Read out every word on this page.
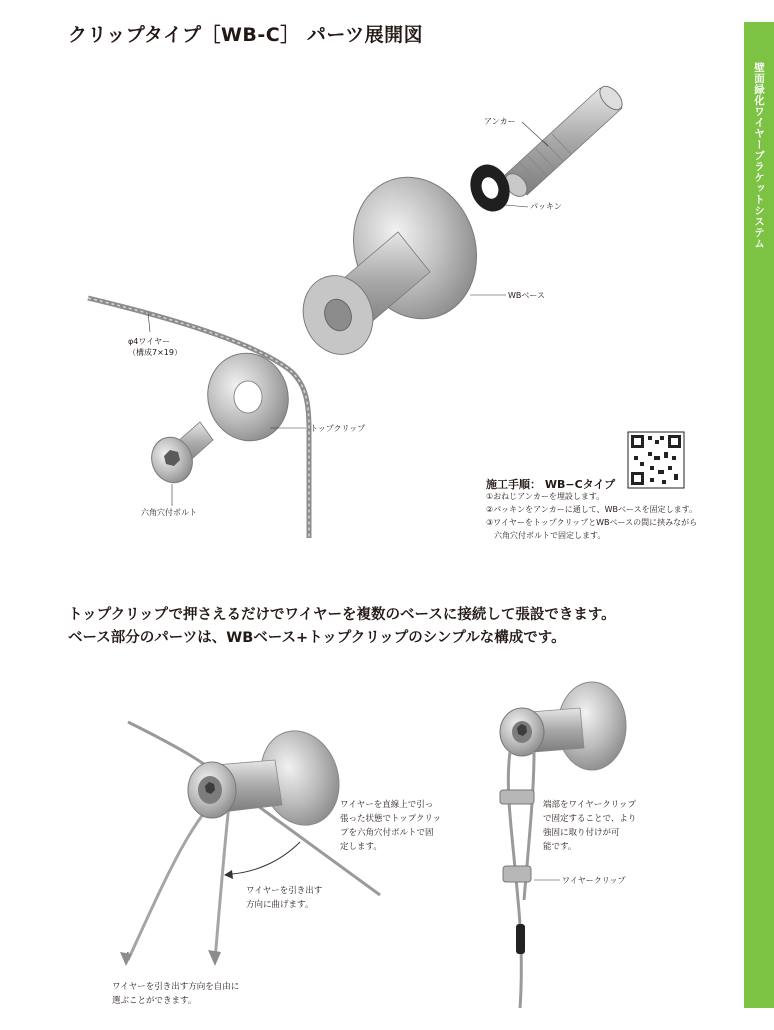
クリップタイプ［WB-C］ パーツ展開図
壁面緑化ワイヤーブラケットシステム
アンカー
パッキン
WBベース
φ4ワイヤー
（構成7×19）
トップクリップ
六角穴付ボルト
施工手順： WB−Cタイプ
①おねじアンカーを埋設します。
②パッキンをアンカーに通して、WBベースを固定します。
③ワイヤーをトップクリップとWBベースの間に挟みながら
　六角穴付ボルトで固定します。
トップクリップで押さえるだけでワイヤーを複数のベースに接続して張設できます。
ベース部分のパーツは、WBベース+トップクリップのシンプルな構成です。
ワイヤーを直線上で引っ
張った状態でトップクリッ
プを六角穴付ボルトで固
定します。
ワイヤーを引き出す
方向に曲げます。
ワイヤーを引き出す方向を自由に
選ぶことができます。
端部をワイヤークリップ
で固定することで、より
強固に取り付けが可
能です。
ワイヤークリップ
